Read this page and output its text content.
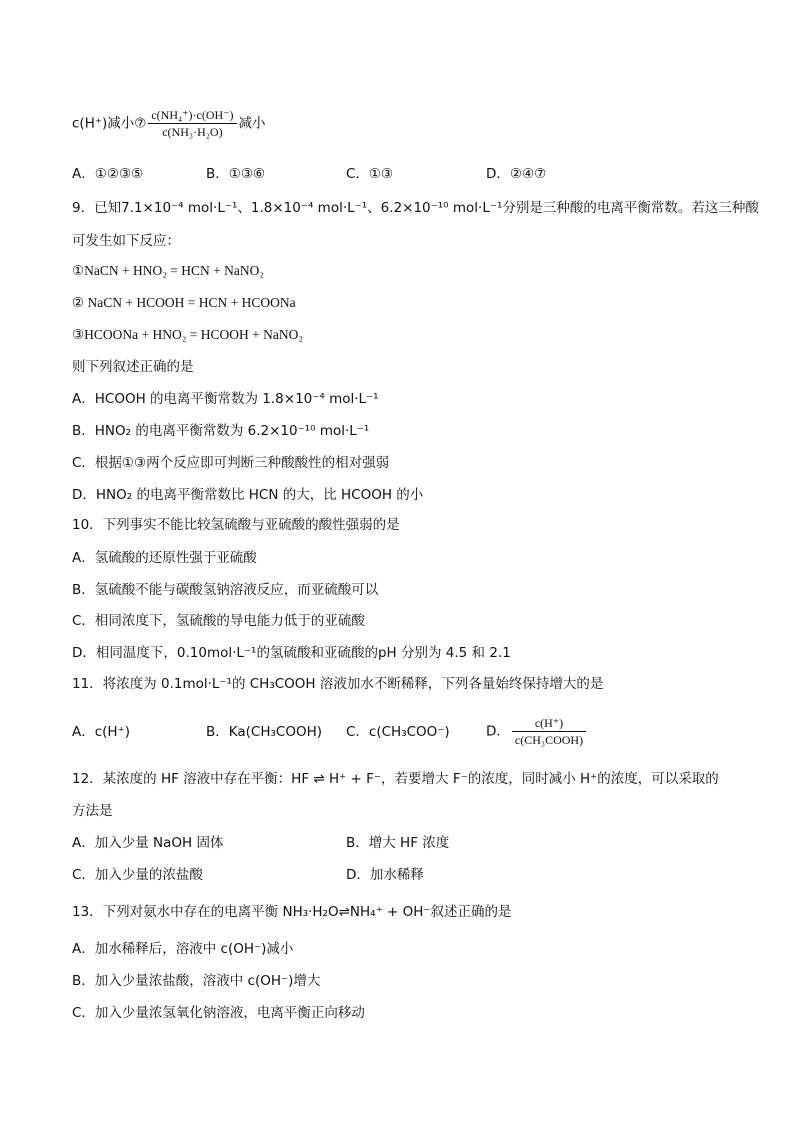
c(H⁺)减小⑦ $\frac{\text{c(NH₄⁺)·c(OH⁻)}}{\text{c(NH₃·H₂O)}}$ 减小
A．①②③⑤	B．①③⑥	C．①③	D．②④⑦
9．已知7.1×10⁻⁴ mol·L⁻¹、1.8×10⁻⁴ mol·L⁻¹、6.2×10⁻¹⁰ mol·L⁻¹分别是三种酸的电离平衡常数。若这三种酸
可发生如下反应：
①NaCN + HNO₂ = HCN + NaNO₂
② NaCN + HCOOH = HCN + HCOONa
③HCOONa + HNO₂ = HCOOH + NaNO₂
则下列叙述正确的是
A．HCOOH 的电离平衡常数为 1.8×10⁻⁴ mol·L⁻¹
B．HNO₂ 的电离平衡常数为 6.2×10⁻¹⁰ mol·L⁻¹
C．根据①③两个反应即可判断三种酸酸性的相对强弱
D．HNO₂ 的电离平衡常数比 HCN 的大，比 HCOOH 的小
10．下列事实不能比较氢硫酸与亚硫酸的酸性强弱的是
A．氢硫酸的还原性强于亚硫酸
B．氢硫酸不能与碳酸氢钠溶液反应，而亚硫酸可以
C．相同浓度下，氢硫酸的导电能力低于的亚硫酸
D．相同温度下，0.10mol·L⁻¹的氢硫酸和亚硫酸的pH 分别为 4.5 和 2.1
11．将浓度为 0.1mol·L⁻¹的 CH₃COOH 溶液加水不断稀释，下列各量始终保持增大的是
A．c(H⁺)	B．Ka(CH₃COOH) C．c(CH₃COO⁻)	D． $\frac{c(H^+)}{\text{c(CH₃COOH)}}$
12．某浓度的 HF 溶液中存在平衡：HF ⇌ H⁺ + F⁻，若要增大 F⁻的浓度，同时减小 H⁺的浓度，可以采取的
方法是
A．加入少量 NaOH 固体	B．增大 HF 浓度
C．加入少量的浓盐酸	D．加水稀释
13．下列对氨水中存在的电离平衡 NH₃·H₂O⇌NH₄⁺ + OH⁻叙述正确的是
A．加水稀释后，溶液中 c(OH⁻)减小
B．加入少量浓盐酸，溶液中 c(OH⁻)增大
C．加入少量浓氢氧化钠溶液，电离平衡正向移动
